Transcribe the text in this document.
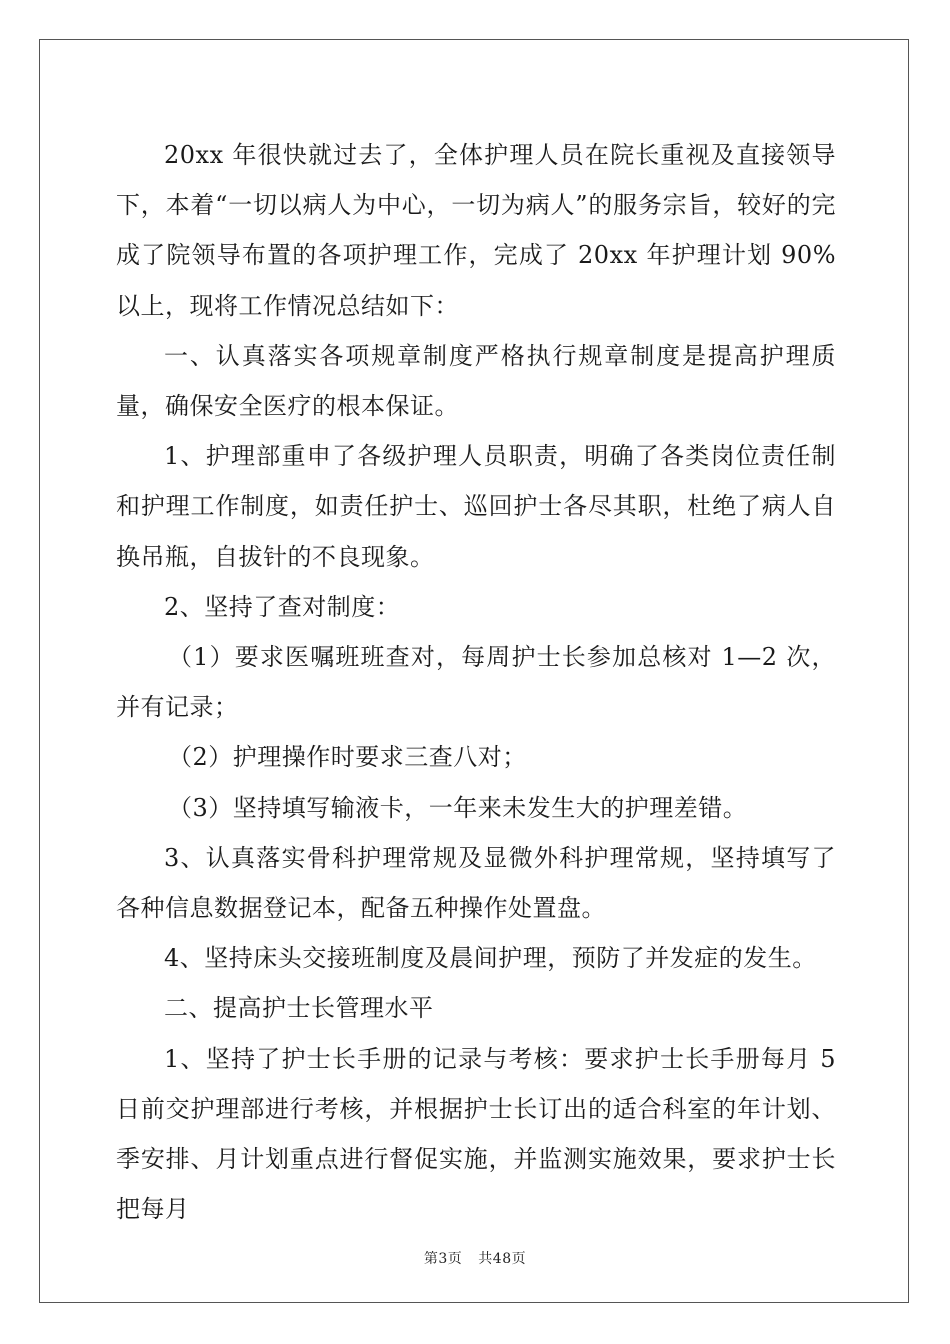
20xx 年很快就过去了，全体护理人员在院长重视及直接领导下，本着“一切以病人为中心，一切为病人”的服务宗旨，较好的完成了院领导布置的各项护理工作，完成了 20xx 年护理计划 90%以上，现将工作情况总结如下：

一、认真落实各项规章制度严格执行规章制度是提高护理质量，确保安全医疗的根本保证。

1、护理部重申了各级护理人员职责，明确了各类岗位责任制和护理工作制度，如责任护士、巡回护士各尽其职，杜绝了病人自换吊瓶，自拔针的不良现象。

2、坚持了查对制度：

（1）要求医嘱班班查对，每周护士长参加总核对 1—2 次，并有记录；

（2）护理操作时要求三查八对；

（3）坚持填写输液卡，一年来未发生大的护理差错。

3、认真落实骨科护理常规及显微外科护理常规，坚持填写了各种信息数据登记本，配备五种操作处置盘。

4、坚持床头交接班制度及晨间护理，预防了并发症的发生。

二、提高护士长管理水平

1、坚持了护士长手册的记录与考核：要求护士长手册每月 5 日前交护理部进行考核，并根据护士长订出的适合科室的年计划、季安排、月计划重点进行督促实施，并监测实施效果，要求护士长把每月

第3页 共48页
